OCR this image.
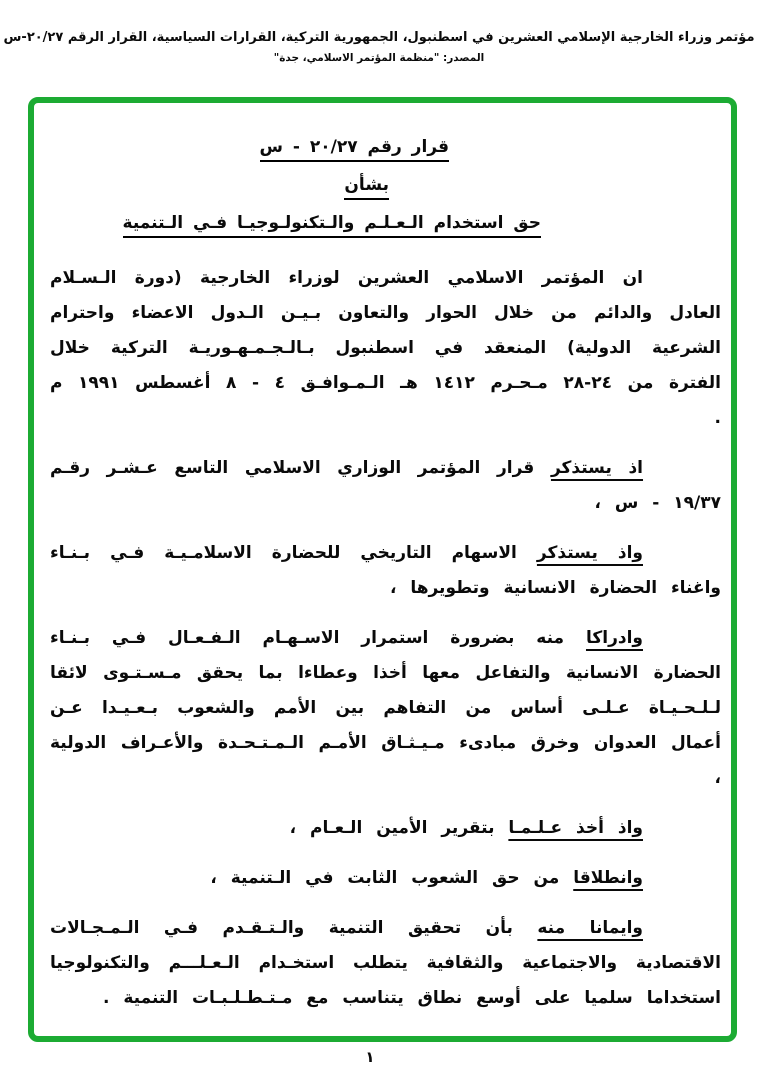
مؤتمر وزراء الخارجية الإسلامي العشرين في اسطنبول، الجمهورية التركية، القرارات السياسية، القرار الرقم ٢٠/٢٧-س
المصدر: "منظمة المؤتمر الاسلامي، جدة"
قرار رقم ٢٠/٢٧ - س
بشأن
حق استخدام الـعـلـم والـتكنولـوجيـا فـي الـتنمية

ان المؤتمر الاسلامي العشرين لوزراء الخارجية (دورة الـسـلام العادل والدائم من خلال الحوار والتعاون بـيـن الـدول الاعضاء واحترام الشرعية الدولية) المنعقد في اسطنبول بـالـجـمـهـوريـة التركية خلال الفترة من ٢٤-٢٨ مـحـرم ١٤١٢ هـ الـمـوافـق ٤ - ٨ أغسطس ١٩٩١ م .

اذ يستذكر قرار المؤتمر الوزاري الاسلامي التاسع عـشـر رقـم ١٩/٣٧ - س ،

واذ يستذكر الاسهام التاريخي للحضارة الاسلامـيـة فـي بـنـاء واغناء الحضارة الانسانية وتطويرها ،

وادراكا منه بضرورة استمرار الاسـهـام الـفـعـال فـي بـنـاء الحضارة الانسانية والتفاعل معها أخذا وعطاءا بما يحقق مـسـتـوى لائقا لـلـحـيـاة عـلـى أساس من التفاهم بين الأمم والشعوب بـعـيـدا عـن أعمال العدوان وخرق مبادىء مـيـثـاق الأمـم الـمـتـحـدة والأعـراف الدولية ،

واذ أخذ عـلـمـا بتقرير الأمين الـعـام ،

وانطلاقا من حق الشعوب الثابت في الـتنمية ،

وايمانا منه بأن تحقيق التنمية والـتـقـدم فـي الـمـجـالات الاقتصادية والاجتماعية والثقافية يتطلب استخـدام الـعـلـــم والتكنولوجيا استخداما سلميا على أوسع نطاق يتناسب مع مـتـطـلـبـات التنمية .

١
